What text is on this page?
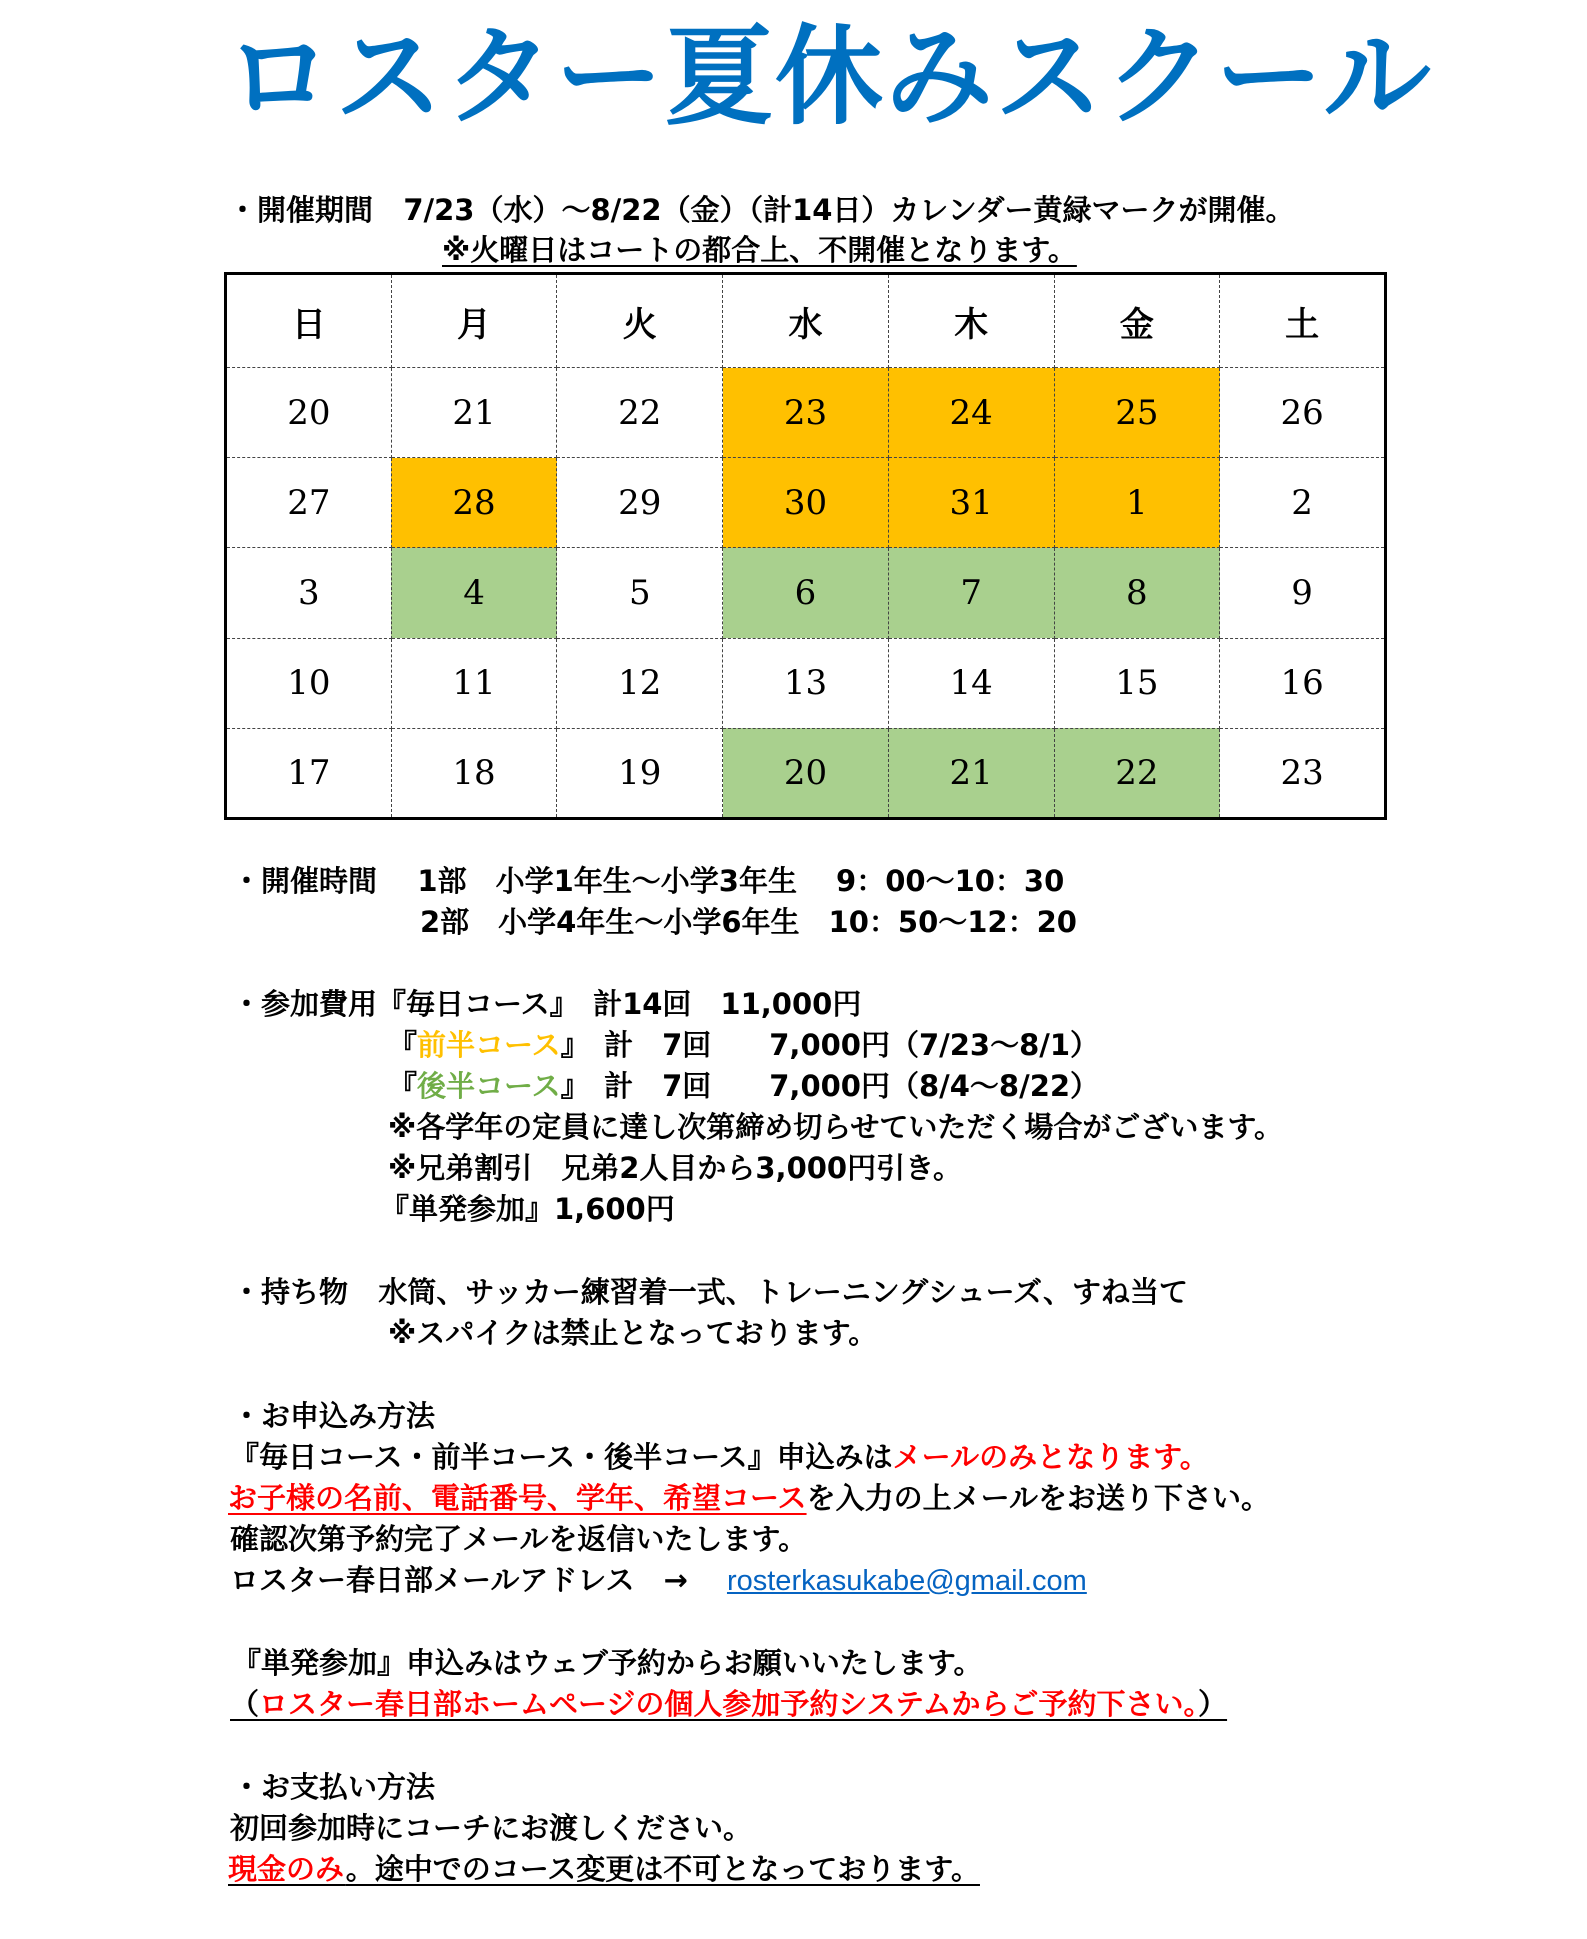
ロスター夏休みスクール
・開催期間 7/23（水）〜8/22（金）（計14日）カレンダー黄緑マークが開催。
※火曜日はコートの都合上、不開催となります。
日	月	火	水	木	金	土
20	21	22	23	24	25	26
27	28	29	30	31	1	2
3	4	5	6	7	8	9
10	11	12	13	14	15	16
17	18	19	20	21	22	23
・開催時間 1部　小学1年生〜小学3年生　 9：00〜10：30
2部　小学4年生〜小学6年生　10：50〜12：20
・参加費用『毎日コース』　計14回　11,000円
『前半コース』　計　7回　　7,000円（7/23〜8/1）
『後半コース』　計　7回　　7,000円（8/4〜8/22）
※各学年の定員に達し次第締め切らせていただく場合がございます。
※兄弟割引　兄弟2人目から3,000円引き。
『単発参加』1,600円
・持ち物 水筒、サッカー練習着一式、トレーニングシューズ、すね当て
※スパイクは禁止となっております。
・お申込み方法
『毎日コース・前半コース・後半コース』申込みはメールのみとなります。
お子様の名前、電話番号、学年、希望コースを入力の上メールをお送り下さい。
確認次第予約完了メールを返信いたします。
ロスター春日部メールアドレス　→　 rosterkasukabe@gmail.com
『単発参加』申込みはウェブ予約からお願いいたします。
（ロスター春日部ホームページの個人参加予約システムからご予約下さい。）
・お支払い方法
初回参加時にコーチにお渡しください。
現金のみ。途中でのコース変更は不可となっております。
